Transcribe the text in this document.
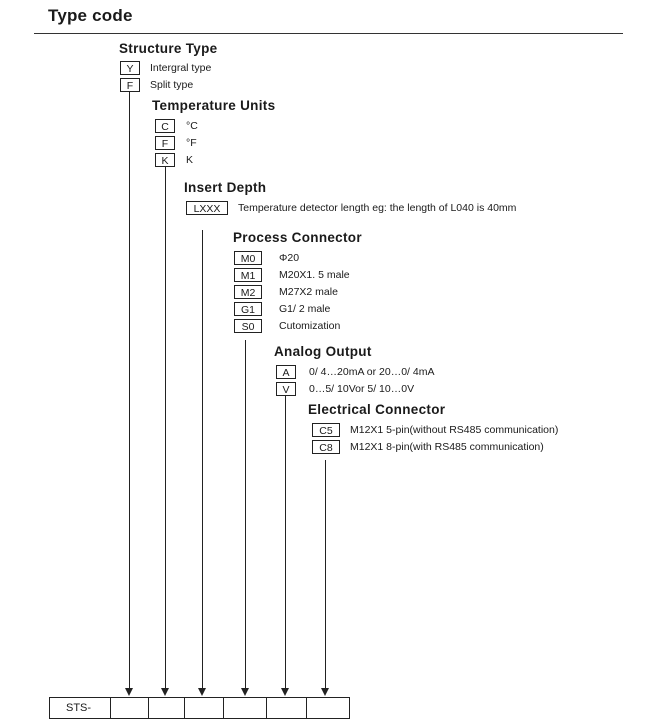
Type code
Structure Type
Y	Intergral type
F	Split type
Temperature Units
C	°C
F	°F
K	K
Insert Depth
LXXX	Temperature detector length eg: the length of L040 is 40mm
Process Connector
M0	Φ20
M1	M20X1. 5 male
M2	M27X2 male
G1	G1/ 2 male
S0	Cutomization
Analog Output
A	0/ 4…20mA or 20…0/ 4mA
V	0…5/ 10Vor 5/ 10…0V
Electrical Connector
C5	M12X1 5-pin(without RS485 communication)
C8	M12X1 8-pin(with RS485 communication)
STS-
